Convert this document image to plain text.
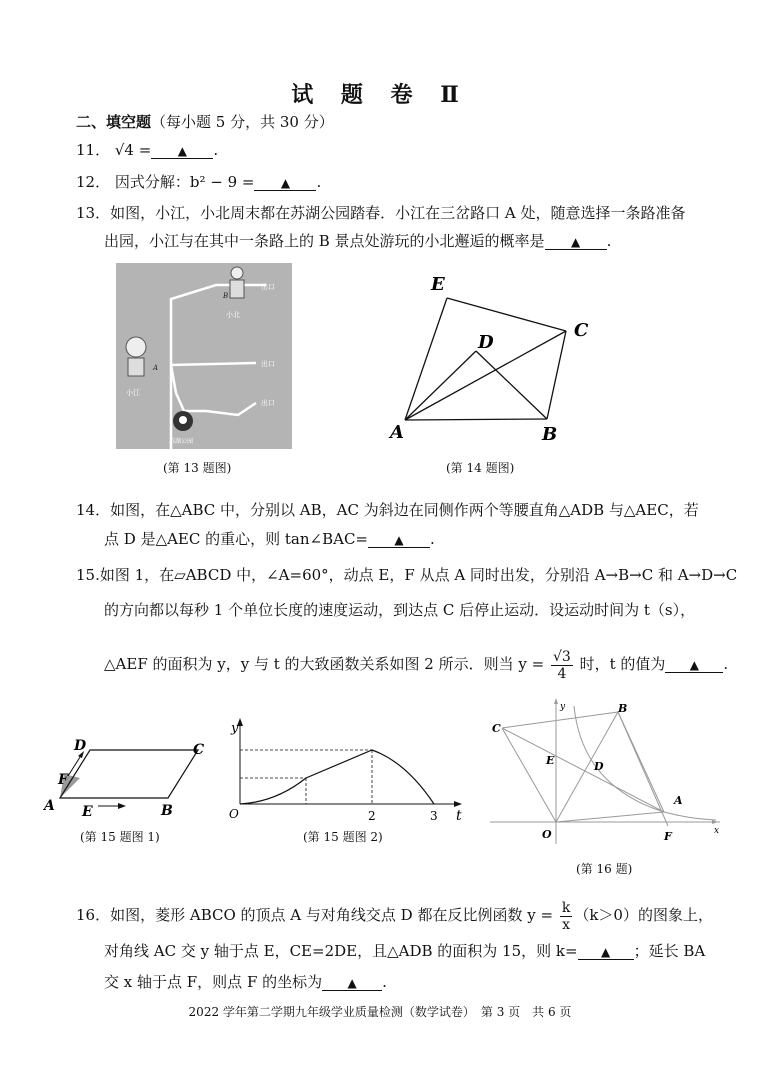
试 题 卷 Ⅱ
二、填空题（每小题 5 分，共 30 分）
11． √4 = ▲ .
12． 因式分解：b² − 9 = ▲ .
13．如图，小江，小北周末都在苏湖公园踏春．小江在三岔路口 A 处，随意选择一条路准备
出园，小江与在其中一条路上的 B 景点处游玩的小北邂逅的概率是 ▲ .
出口
出口
出口
B
小北
A
小江
苏湖公园
(第 13 题图)
A	B
C
D
E
(第 14 题图)
14．如图，在△ABC 中，分别以 AB，AC 为斜边在同侧作两个等腰直角△ADB 与△AEC，若
点 D 是△AEC 的重心，则 tan∠BAC= ▲ .
15.如图 1，在▱ABCD 中，∠A=60°，动点 E，F 从点 A 同时出发，分别沿 A→B→C 和 A→D→C
的方向都以每秒 1 个单位长度的速度运动，到达点 C 后停止运动．设运动时间为 t（s），
△AEF 的面积为 y，y 与 t 的大致函数关系如图 2 所示．则当 $y = \frac{√3}{4}$ 时，t 的值为 ▲ .
A	B
C
D
E
F
(第 15 题图 1)
y
t
O	2	3
(第 15 题图 2)
y
x
C
B
E	D
A
O	F
(第 16 题)
16．如图，菱形 ABCO 的顶点 A 与对角线交点 D 都在反比例函数 $y = \frac{k}{x} (k>0)$的图象上，
对角线 AC 交 y 轴于点 E，CE=2DE，且△ADB 的面积为 15，则 k= ▲ ；延长 BA
交 x 轴于点 F，则点 F 的坐标为 ▲ .
2022 学年第二学期九年级学业质量检测（数学试卷）　第 3 页　共 6 页
